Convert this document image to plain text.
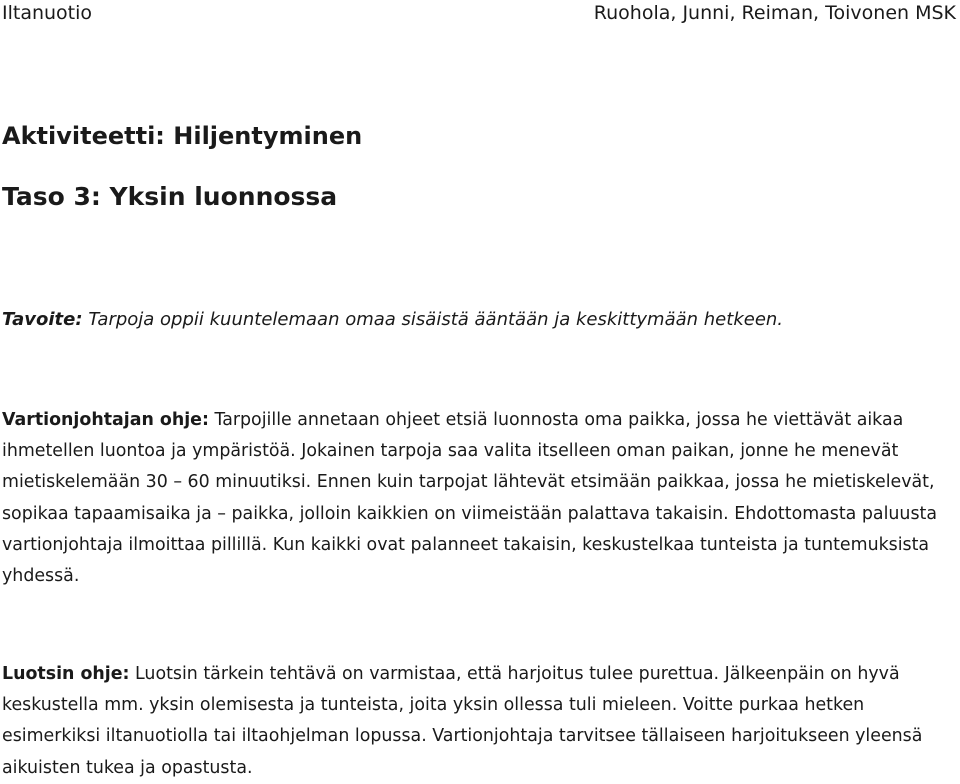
Iltanuotio	Ruohola, Junni, Reiman, Toivonen MSK
Aktiviteetti: Hiljentyminen
Taso 3: Yksin luonnossa
Tavoite: Tarpoja oppii kuuntelemaan omaa sisäistä ääntään ja keskittymään hetkeen.

Vartionjohtajan ohje: Tarpojille annetaan ohjeet etsiä luonnosta oma paikka, jossa he viettävät aikaa ihmetellen luontoa ja ympäristöä. Jokainen tarpoja saa valita itselleen oman paikan, jonne he menevät mietiskelemään 30 – 60 minuutiksi. Ennen kuin tarpojat lähtevät etsimään paikkaa, jossa he mietiskelevät, sopikaa tapaamisaika ja – paikka, jolloin kaikkien on viimeistään palattava takaisin. Ehdottomasta paluusta vartionjohtaja ilmoittaa pillillä. Kun kaikki ovat palanneet takaisin, keskustelkaa tunteista ja tuntemuksista yhdessä.

Luotsin ohje: Luotsin tärkein tehtävä on varmistaa, että harjoitus tulee purettua. Jälkeenpäin on hyvä keskustella mm. yksin olemisesta ja tunteista, joita yksin ollessa tuli mieleen. Voitte purkaa hetken esimerkiksi iltanuotiolla tai iltaohjelman lopussa. Vartionjohtaja tarvitsee tällaiseen harjoitukseen yleensä aikuisten tukea ja opastusta.
